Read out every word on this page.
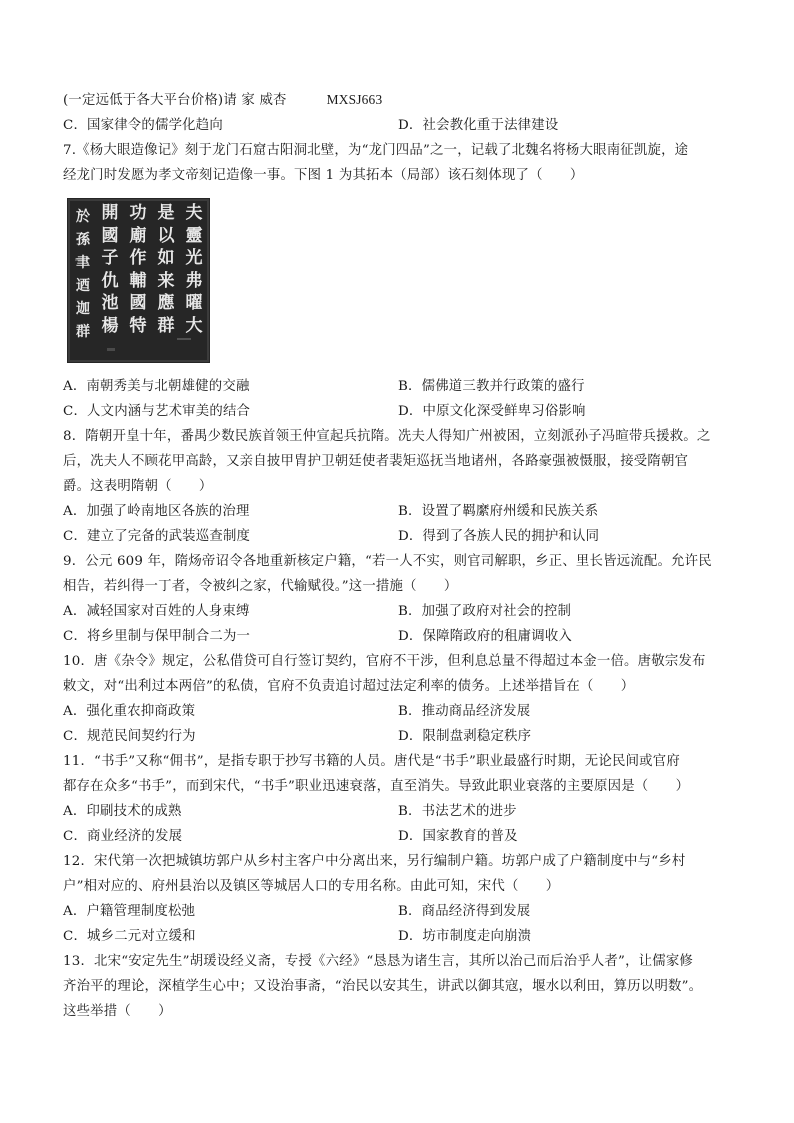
(一定远低于各大平台价格)请 家 威杏	MXSJ663
C．国家律令的儒学化趋向	D．社会教化重于法律建设
7.《杨大眼造像记》刻于龙门石窟古阳洞北壁，为“龙门四品”之一，记载了北魏名将杨大眼南征凯旋，途
经龙门时发愿为孝文帝刻记造像一事。下图 1 为其拓本（局部）该石刻体现了（　　）
夫
靈
光
弗
曜
大
是
以
如
来
應
群
功
廟
作
輔
國
特
開
國
子
仇
池
楊
於
孫
聿
迺
迦
群
A．南朝秀美与北朝雄健的交融	B．儒佛道三教并行政策的盛行
C．人文内涵与艺术审美的结合	D．中原文化深受鲜卑习俗影响
8．隋朝开皇十年，番禺少数民族首领王仲宣起兵抗隋。冼夫人得知广州被困，立刻派孙子冯暄带兵援救。之
后，冼夫人不顾花甲高龄，又亲自披甲胄护卫朝廷使者裴矩巡抚当地诸州，各路豪强被慑服，接受隋朝官
爵。这表明隋朝（　　）
A．加强了岭南地区各族的治理	B．设置了羁縻府州缓和民族关系
C．建立了完备的武装巡查制度	D．得到了各族人民的拥护和认同
9．公元 609 年，隋炀帝诏令各地重新核定户籍，“若一人不实，则官司解职，乡正、里长皆远流配。允许民
相告，若纠得一丁者，令被纠之家，代输赋役。”这一措施（　　）
A．减轻国家对百姓的人身束缚	B．加强了政府对社会的控制
C．将乡里制与保甲制合二为一	D．保障隋政府的租庸调收入
10．唐《杂令》规定，公私借贷可自行签订契约，官府不干涉，但利息总量不得超过本金一倍。唐敬宗发布
敕文，对“出利过本两倍”的私债，官府不负责追讨超过法定利率的债务。上述举措旨在（　　）
A．强化重农抑商政策	B．推动商品经济发展
C．规范民间契约行为	D．限制盘剥稳定秩序
11．“书手”又称“佣书”，是指专职于抄写书籍的人员。唐代是“书手”职业最盛行时期，无论民间或官府
都存在众多“书手”，而到宋代，“书手”职业迅速衰落，直至消失。导致此职业衰落的主要原因是（　　）
A．印刷技术的成熟	B．书法艺术的进步
C．商业经济的发展	D．国家教育的普及
12．宋代第一次把城镇坊郭户从乡村主客户中分离出来，另行编制户籍。坊郭户成了户籍制度中与“乡村
户”相对应的、府州县治以及镇区等城居人口的专用名称。由此可知，宋代（　　）
A．户籍管理制度松弛	B．商品经济得到发展
C．城乡二元对立缓和	D．坊市制度走向崩溃
13．北宋“安定先生”胡瑗设经义斋，专授《六经》“恳恳为诸生言，其所以治己而后治乎人者”，让儒家修
齐治平的理论，深植学生心中；又设治事斋，“治民以安其生，讲武以御其寇，堰水以利田，算历以明数”。
这些举措（　　）
